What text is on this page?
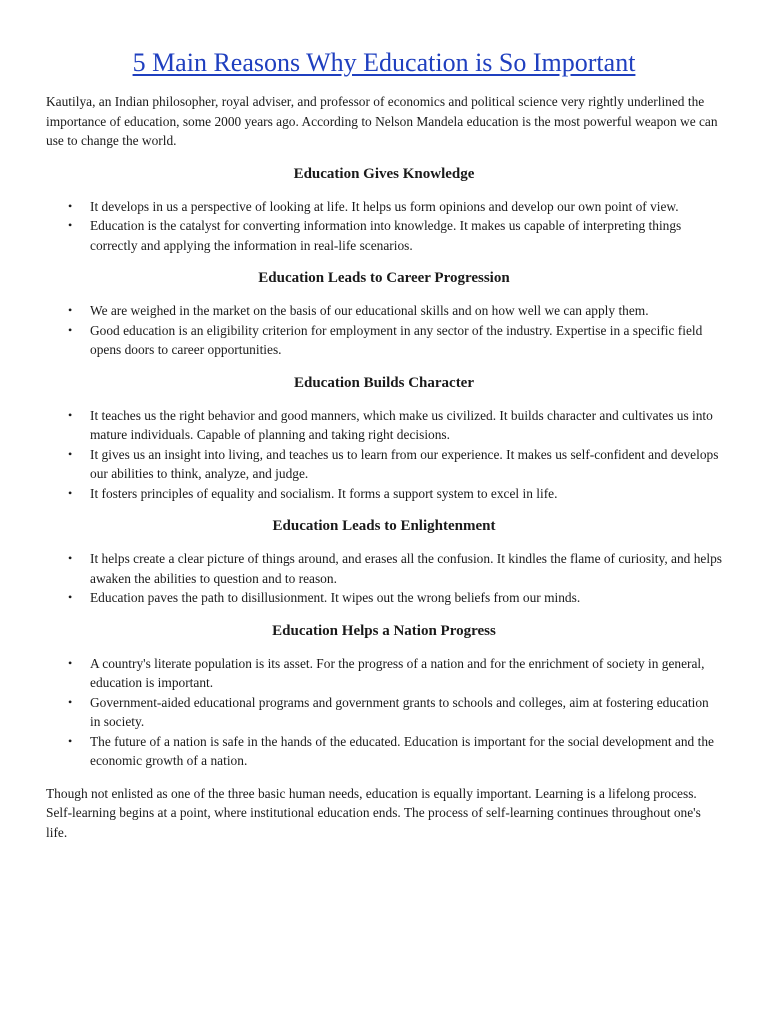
5 Main Reasons Why Education is So Important

Kautilya, an Indian philosopher, royal adviser, and professor of economics and political science very rightly underlined the importance of education, some 2000 years ago. According to Nelson Mandela education is the most powerful weapon we can use to change the world.

Education Gives Knowledge
• It develops in us a perspective of looking at life. It helps us form opinions and develop our own point of view.
• Education is the catalyst for converting information into knowledge. It makes us capable of interpreting things correctly and applying the information in real-life scenarios.
Education Leads to Career Progression
• We are weighed in the market on the basis of our educational skills and on how well we can apply them.
• Good education is an eligibility criterion for employment in any sector of the industry. Expertise in a specific field opens doors to career opportunities.
Education Builds Character
• It teaches us the right behavior and good manners, which make us civilized. It builds character and cultivates us into mature individuals. Capable of planning and taking right decisions.
• It gives us an insight into living, and teaches us to learn from our experience. It makes us self-confident and develops our abilities to think, analyze, and judge.
• It fosters principles of equality and socialism. It forms a support system to excel in life.
Education Leads to Enlightenment
• It helps create a clear picture of things around, and erases all the confusion. It kindles the flame of curiosity, and helps awaken the abilities to question and to reason.
• Education paves the path to disillusionment. It wipes out the wrong beliefs from our minds.
Education Helps a Nation Progress
• A country's literate population is its asset. For the progress of a nation and for the enrichment of society in general, education is important.
• Government-aided educational programs and government grants to schools and colleges, aim at fostering education in society.
• The future of a nation is safe in the hands of the educated. Education is important for the social development and the economic growth of a nation.

Though not enlisted as one of the three basic human needs, education is equally important. Learning is a lifelong process. Self-learning begins at a point, where institutional education ends. The process of self-learning continues throughout one's life.
